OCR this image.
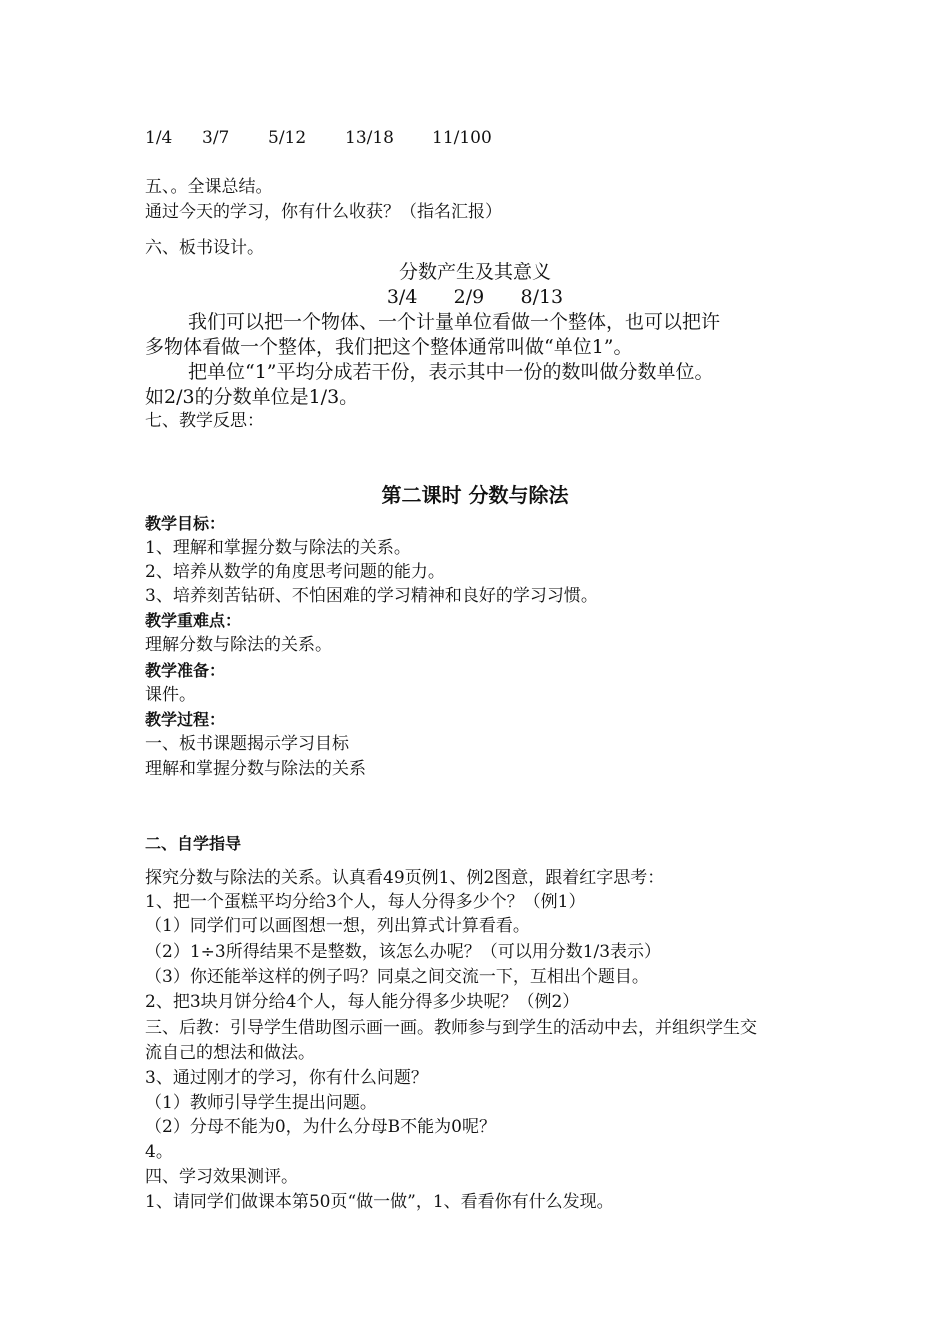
1/4 3/7 5/12 13/18 11/100
五、。全课总结。
通过今天的学习，你有什么收获？（指名汇报）
六、板书设计。
分数产生及其意义
3/4      2/9      8/13
我们可以把一个物体、一个计量单位看做一个整体，也可以把许
多物体看做一个整体，我们把这个整体通常叫做“单位1”。
把单位“1”平均分成若干份，表示其中一份的数叫做分数单位。
如2/3的分数单位是1/3。
七、教学反思：
第二课时 分数与除法
教学目标：
1、理解和掌握分数与除法的关系。
2、培养从数学的角度思考问题的能力。
3、培养刻苦钻研、不怕困难的学习精神和良好的学习习惯。
教学重难点：
理解分数与除法的关系。
教学准备：
课件。
教学过程：
一、板书课题揭示学习目标
理解和掌握分数与除法的关系
二、自学指导
探究分数与除法的关系。认真看49页例1、例2图意，跟着红字思考：
1、把一个蛋糕平均分给3个人，每人分得多少个？（例1）
（1）同学们可以画图想一想，列出算式计算看看。
（2）1÷3所得结果不是整数，该怎么办呢？（可以用分数1/3表示）
（3）你还能举这样的例子吗？同桌之间交流一下，互相出个题目。
2、把3块月饼分给4个人，每人能分得多少块呢？（例2）
三、后教：引导学生借助图示画一画。教师参与到学生的活动中去，并组织学生交
流自己的想法和做法。
3、通过刚才的学习，你有什么问题？
（1）教师引导学生提出问题。
（2）分母不能为0，为什么分母B不能为0呢？
4。
四、学习效果测评。
1、请同学们做课本第50页“做一做”，1、看看你有什么发现。
